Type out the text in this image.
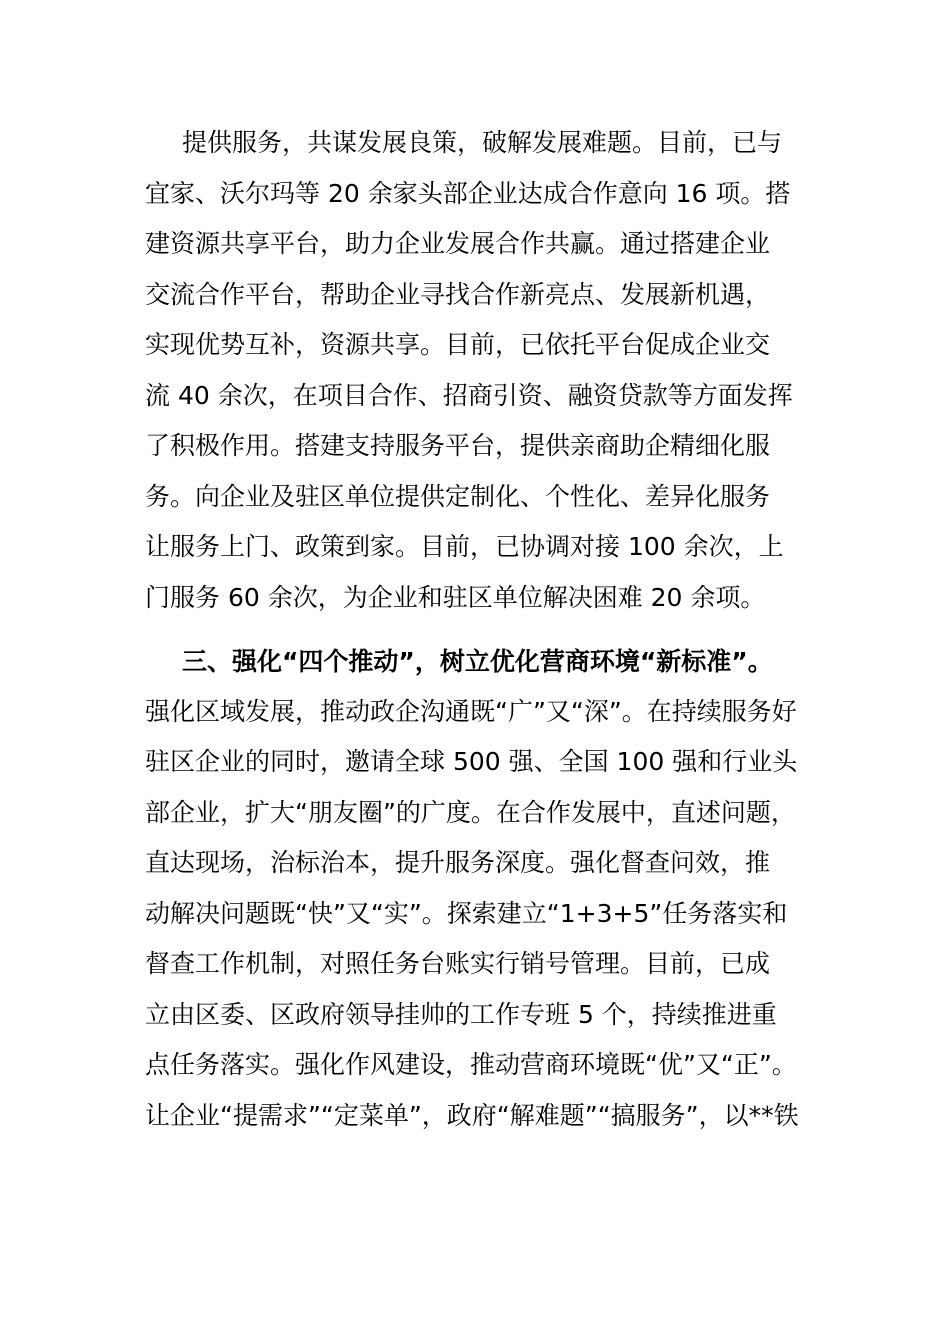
提供服务，共谋发展良策，破解发展难题。目前，已与
宜家、沃尔玛等 20 余家头部企业达成合作意向 16 项。搭
建资源共享平台，助力企业发展合作共赢。通过搭建企业
交流合作平台，帮助企业寻找合作新亮点、发展新机遇，
实现优势互补，资源共享。目前，已依托平台促成企业交
流 40 余次，在项目合作、招商引资、融资贷款等方面发挥
了积极作用。搭建支持服务平台，提供亲商助企精细化服
务。向企业及驻区单位提供定制化、个性化、差异化服务
让服务上门、政策到家。目前，已协调对接 100 余次，上
门服务 60 余次，为企业和驻区单位解决困难 20 余项。
三、强化“四个推动”，树立优化营商环境“新标准”。
强化区域发展，推动政企沟通既“广”又“深”。在持续服务好
驻区企业的同时，邀请全球 500 强、全国 100 强和行业头
部企业，扩大“朋友圈”的广度。在合作发展中，直述问题，
直达现场，治标治本，提升服务深度。强化督查问效，推
动解决问题既“快”又“实”。探索建立“1+3+5”任务落实和
督查工作机制，对照任务台账实行销号管理。目前，已成
立由区委、区政府领导挂帅的工作专班 5 个，持续推进重
点任务落实。强化作风建设，推动营商环境既“优”又“正”。
让企业“提需求”“定菜单”，政府“解难题”“搞服务”，以**铁
